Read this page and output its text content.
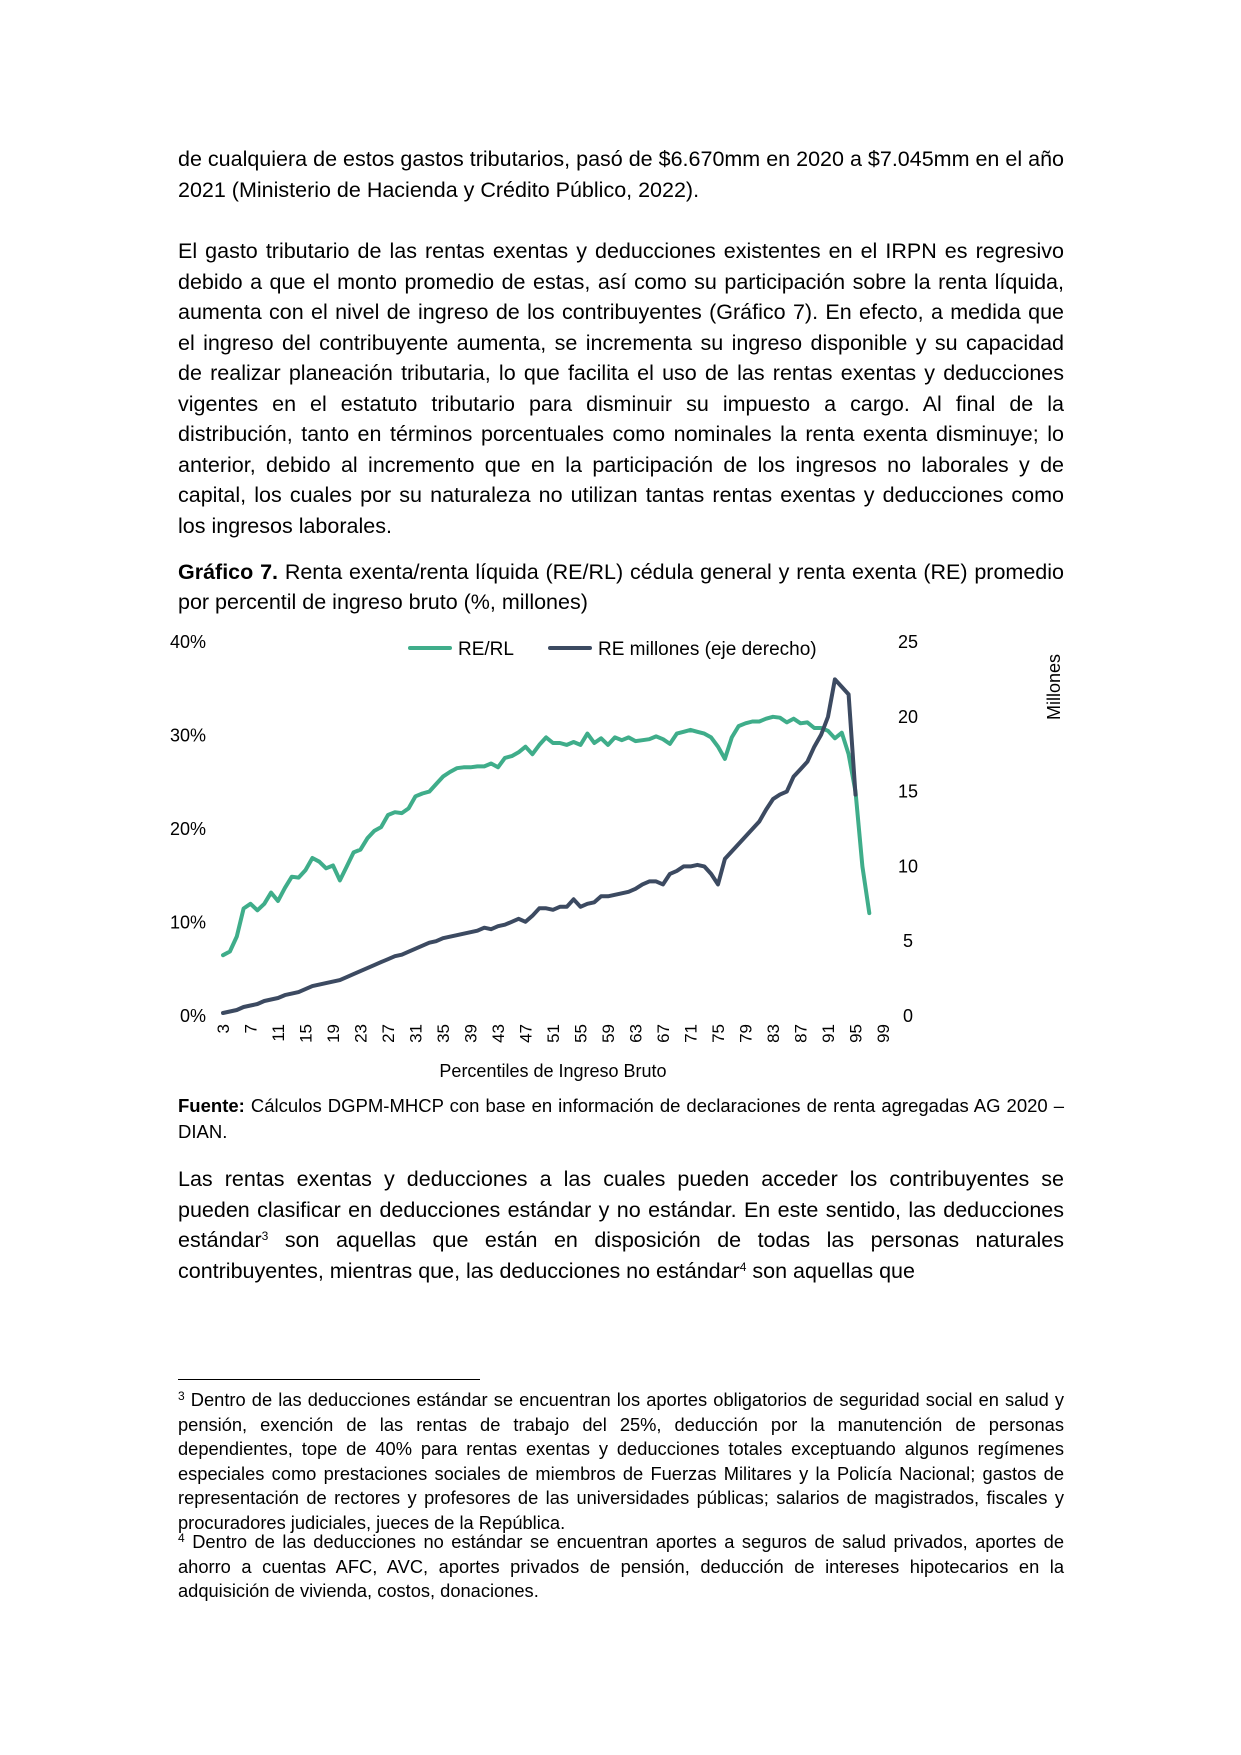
de cualquiera de estos gastos tributarios, pasó de $6.670mm en 2020 a $7.045mm en el año 2021 (Ministerio de Hacienda y Crédito Público, 2022).

El gasto tributario de las rentas exentas y deducciones existentes en el IRPN es regresivo debido a que el monto promedio de estas, así como su participación sobre la renta líquida, aumenta con el nivel de ingreso de los contribuyentes (Gráfico 7). En efecto, a medida que el ingreso del contribuyente aumenta, se incrementa su ingreso disponible y su capacidad de realizar planeación tributaria, lo que facilita el uso de las rentas exentas y deducciones vigentes en el estatuto tributario para disminuir su impuesto a cargo. Al final de la distribución, tanto en términos porcentuales como nominales la renta exenta disminuye; lo anterior, debido al incremento que en la participación de los ingresos no laborales y de capital, los cuales por su naturaleza no utilizan tantas rentas exentas y deducciones como los ingresos laborales.

Gráfico 7. Renta exenta/renta líquida (RE/RL) cédula general y renta exenta (RE) promedio por percentil de ingreso bruto (%, millones)

0%
10%
20%
30%
40%
0
5
10
15
20
25
Millones
3 7 11 15 19 23 27 31 35 39 43 47 51 55 59 63 67 71 75 79 83 87 91 95 99
Percentiles de Ingreso Bruto
RE/RL	RE millones (eje derecho)

Fuente: Cálculos DGPM-MHCP con base en información de declaraciones de renta agregadas AG 2020 – DIAN.

Las rentas exentas y deducciones a las cuales pueden acceder los contribuyentes se pueden clasificar en deducciones estándar y no estándar. En este sentido, las deducciones estándar$^3$ son aquellas que están en disposición de todas las personas naturales contribuyentes, mientras que, las deducciones no estándar$^4$ son aquellas que

$^3$ Dentro de las deducciones estándar se encuentran los aportes obligatorios de seguridad social en salud y pensión, exención de las rentas de trabajo del 25%, deducción por la manutención de personas dependientes, tope de 40% para rentas exentas y deducciones totales exceptuando algunos regímenes especiales como prestaciones sociales de miembros de Fuerzas Militares y la Policía Nacional; gastos de representación de rectores y profesores de las universidades públicas; salarios de magistrados, fiscales y procuradores judiciales, jueces de la República.

$^4$ Dentro de las deducciones no estándar se encuentran aportes a seguros de salud privados, aportes de ahorro a cuentas AFC, AVC, aportes privados de pensión, deducción de intereses hipotecarios en la adquisición de vivienda, costos, donaciones.
